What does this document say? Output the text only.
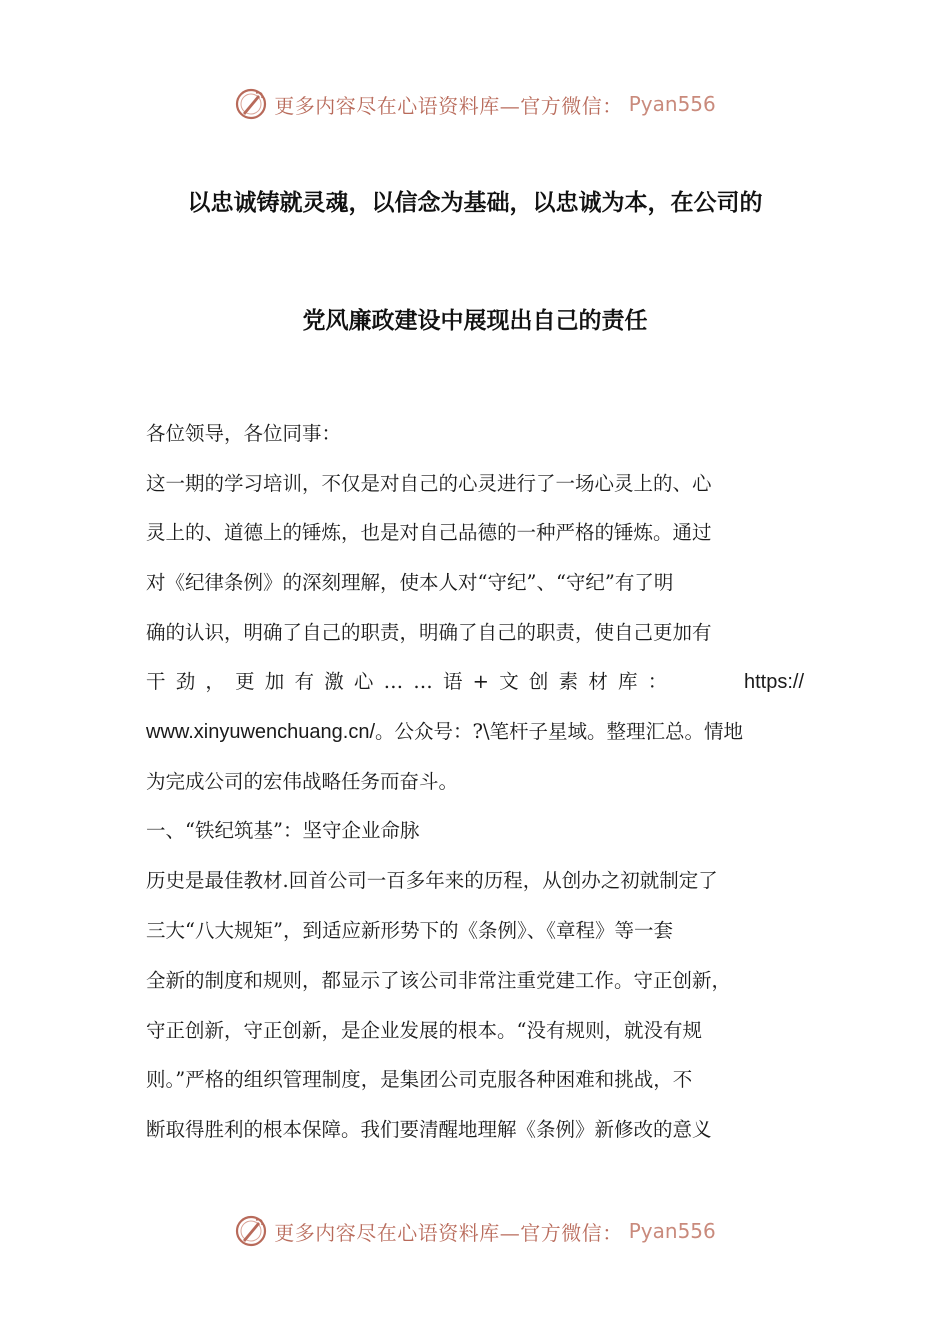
更多内容尽在心语资料库—官方微信： Pyan556
以忠诚铸就灵魂，以信念为基础，以忠诚为本，在公司的
党风廉政建设中展现出自己的责任
各位领导，各位同事：
这一期的学习培训，不仅是对自己的心灵进行了一场心灵上的、心
灵上的、道德上的锤炼，也是对自己品德的一种严格的锤炼。通过
对《纪律条例》的深刻理解，使本人对“守纪”、“守纪”有了明
确的认识，明确了自己的职责，明确了自己的职责，使自己更加有
干 劲 ， 更 加 有 激 心 … … 语 + 文 创 素 材 库 ：	https://
www.xinyuwenchuang.cn/。公众号：?\笔杆子星域。整理汇总。情地
为完成公司的宏伟战略任务而奋斗。
一、“铁纪筑基”：坚守企业命脉
历史是最佳教材.回首公司一百多年来的历程，从创办之初就制定了
三大“八大规矩”，到适应新形势下的《条例》、《章程》等一套
全新的制度和规则，都显示了该公司非常注重党建工作。守正创新，
守正创新，守正创新，是企业发展的根本。“没有规则，就没有规
则。”严格的组织管理制度，是集团公司克服各种困难和挑战，不
断取得胜利的根本保障。我们要清醒地理解《条例》新修改的意义
更多内容尽在心语资料库—官方微信： Pyan556
